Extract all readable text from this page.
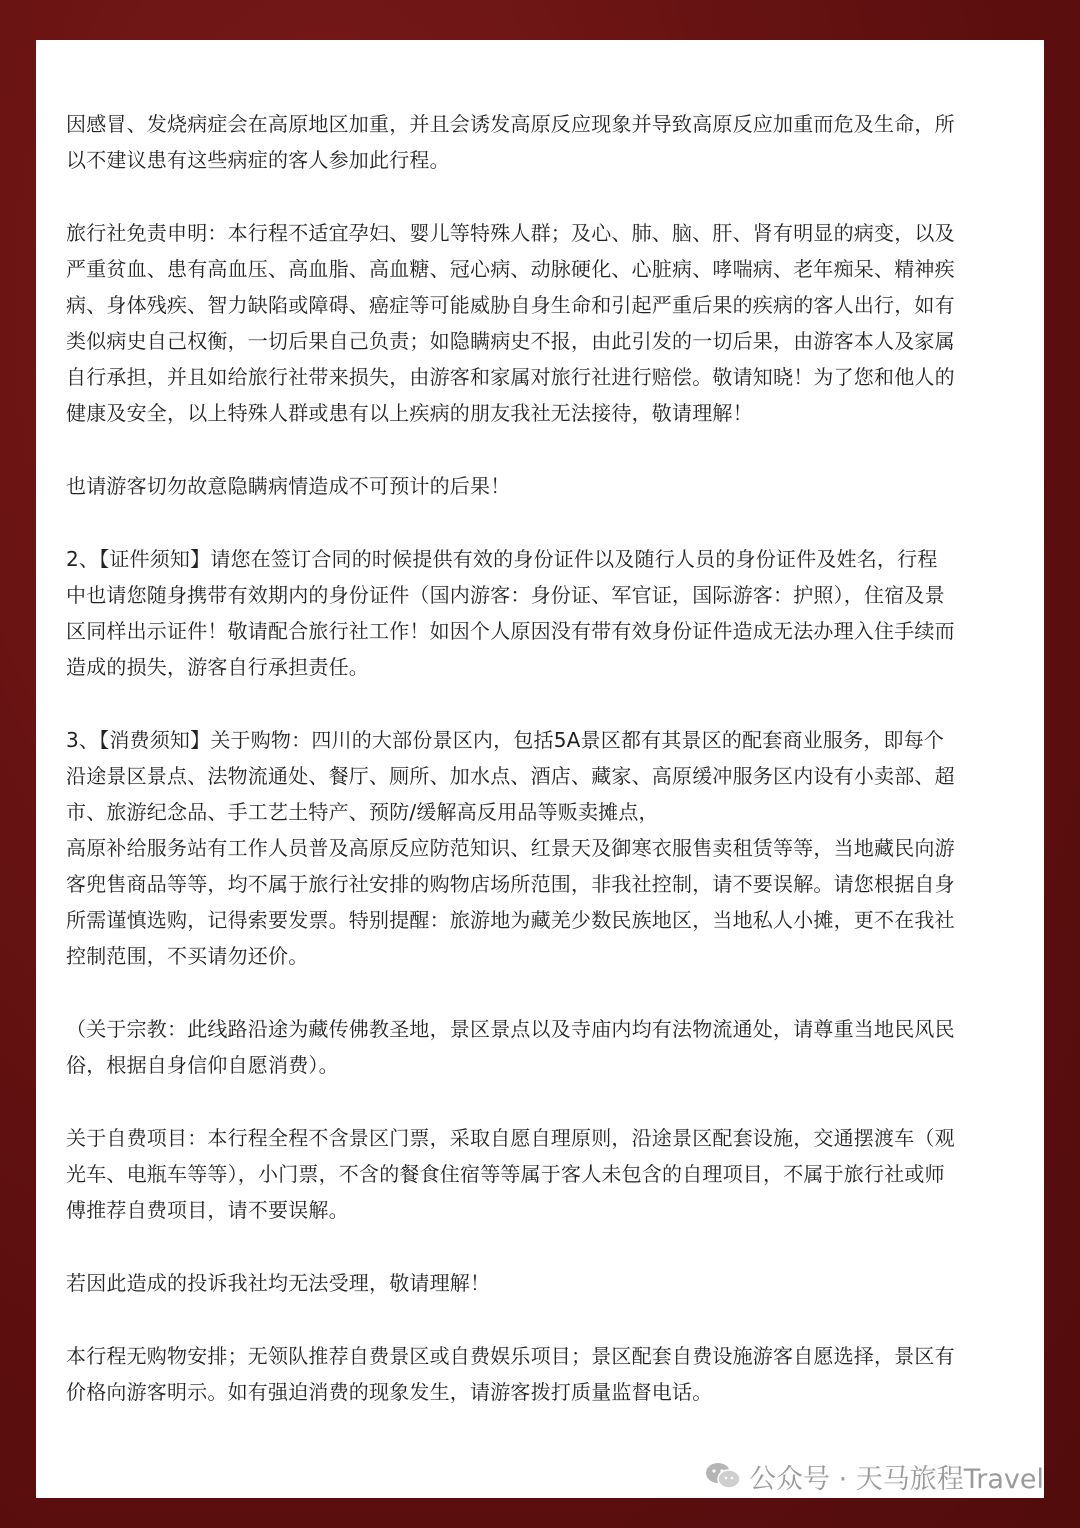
因感冒、发烧病症会在高原地区加重，并且会诱发高原反应现象并导致高原反应加重而危及生命，所
以不建议患有这些病症的客人参加此行程。

旅行社免责申明：本行程不适宜孕妇、婴儿等特殊人群；及心、肺、脑、肝、肾有明显的病变，以及
严重贫血、患有高血压、高血脂、高血糖、冠心病、动脉硬化、心脏病、哮喘病、老年痴呆、精神疾
病、身体残疾、智力缺陷或障碍、癌症等可能威胁自身生命和引起严重后果的疾病的客人出行，如有
类似病史自己权衡，一切后果自己负责；如隐瞒病史不报，由此引发的一切后果，由游客本人及家属
自行承担，并且如给旅行社带来损失，由游客和家属对旅行社进行赔偿。敬请知晓！为了您和他人的
健康及安全，以上特殊人群或患有以上疾病的朋友我社无法接待，敬请理解！

也请游客切勿故意隐瞒病情造成不可预计的后果！

2、【证件须知】请您在签订合同的时候提供有效的身份证件以及随行人员的身份证件及姓名，行程
中也请您随身携带有效期内的身份证件（国内游客：身份证、军官证，国际游客：护照），住宿及景
区同样出示证件！敬请配合旅行社工作！如因个人原因没有带有效身份证件造成无法办理入住手续而
造成的损失，游客自行承担责任。

3、【消费须知】关于购物：四川的大部份景区内，包括5A景区都有其景区的配套商业服务，即每个
沿途景区景点、法物流通处、餐厅、厕所、加水点、酒店、藏家、高原缓冲服务区内设有小卖部、超
市、旅游纪念品、手工艺土特产、预防/缓解高反用品等贩卖摊点，
高原补给服务站有工作人员普及高原反应防范知识、红景天及御寒衣服售卖租赁等等，当地藏民向游
客兜售商品等等，均不属于旅行社安排的购物店场所范围，非我社控制，请不要误解。请您根据自身
所需谨慎选购，记得索要发票。特别提醒：旅游地为藏羌少数民族地区，当地私人小摊，更不在我社
控制范围，不买请勿还价。

（关于宗教：此线路沿途为藏传佛教圣地，景区景点以及寺庙内均有法物流通处，请尊重当地民风民
俗，根据自身信仰自愿消费）。

关于自费项目：本行程全程不含景区门票，采取自愿自理原则，沿途景区配套设施，交通摆渡车（观
光车、电瓶车等等），小门票，不含的餐食住宿等等属于客人未包含的自理项目，不属于旅行社或师
傅推荐自费项目，请不要误解。

若因此造成的投诉我社均无法受理，敬请理解！

本行程无购物安排；无领队推荐自费景区或自费娱乐项目；景区配套自费设施游客自愿选择，景区有
价格向游客明示。如有强迫消费的现象发生，请游客拨打质量监督电话。

公众号 · 天马旅程Travel
